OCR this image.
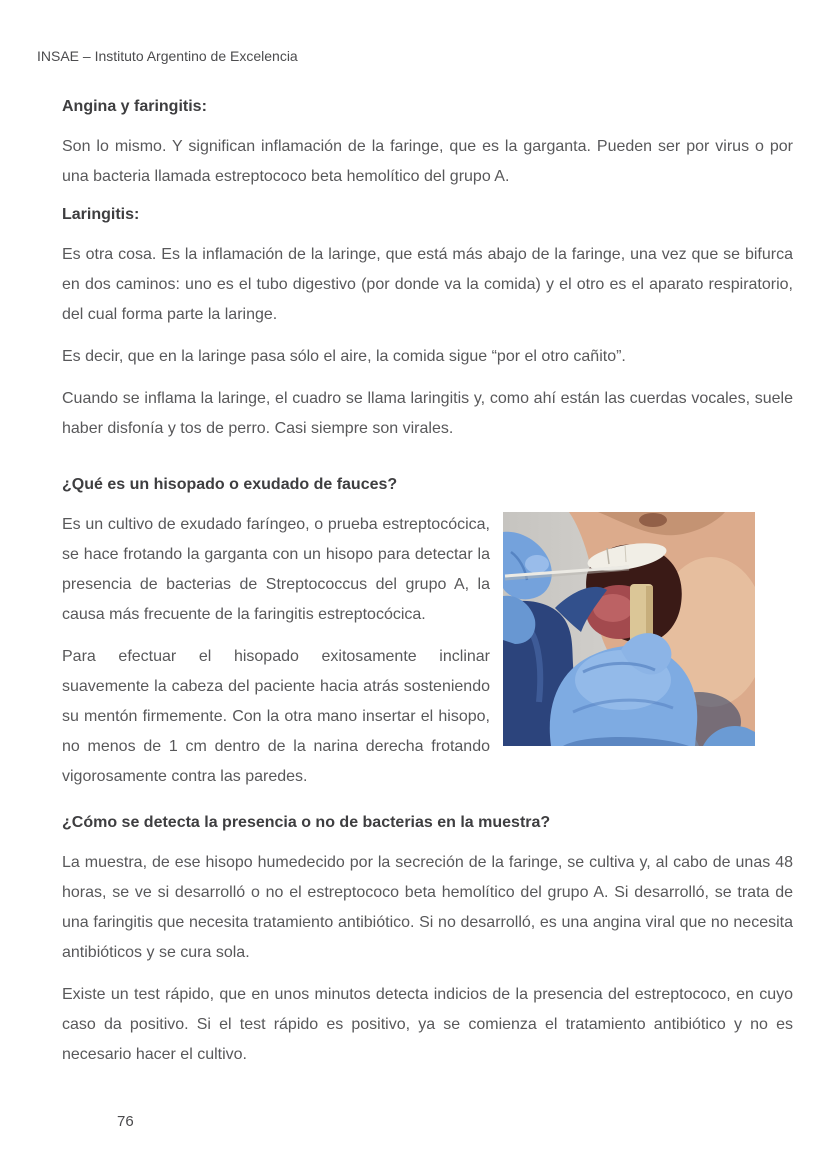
INSAE – Instituto Argentino de Excelencia
Angina y faringitis:

Son lo mismo. Y significan inflamación de la faringe, que es la garganta. Pueden ser por virus o por una bacteria llamada estreptococo beta hemolítico del grupo A.

Laringitis:

Es otra cosa. Es la inflamación de la laringe, que está más abajo de la faringe, una vez que se bifurca en dos caminos: uno es el tubo digestivo (por donde va la comida) y el otro es el aparato respiratorio, del cual forma parte la laringe.

Es decir, que en la laringe pasa sólo el aire, la comida sigue “por el otro cañito”.

Cuando se inflama la laringe, el cuadro se llama laringitis y, como ahí están las cuerdas vocales, suele haber disfonía y tos de perro. Casi siempre son virales.

¿Qué es un hisopado o exudado de fauces?

Es un cultivo de exudado faríngeo, o prueba estreptocócica, se hace frotando la garganta con un hisopo para detectar la presencia de bacterias de Streptococcus del grupo A, la causa más frecuente de la faringitis estreptocócica.

Para efectuar el hisopado exitosamente inclinar suavemente la cabeza del paciente hacia atrás sosteniendo su mentón firmemente. Con la otra mano insertar el hisopo, no menos de 1 cm dentro de la narina derecha frotando vigorosamente contra las paredes.

¿Cómo se detecta la presencia o no de bacterias en la muestra?

La muestra, de ese hisopo humedecido por la secreción de la faringe, se cultiva y, al cabo de unas 48 horas, se ve si desarrolló o no el estreptococo beta hemolítico del grupo A. Si desarrolló, se trata de una faringitis que necesita tratamiento antibiótico. Si no desarrolló, es una angina viral que no necesita antibióticos y se cura sola.

Existe un test rápido, que en unos minutos detecta indicios de la presencia del estreptococo, en cuyo caso da positivo. Si el test rápido es positivo, ya se comienza el tratamiento antibiótico y no es necesario hacer el cultivo.

76
